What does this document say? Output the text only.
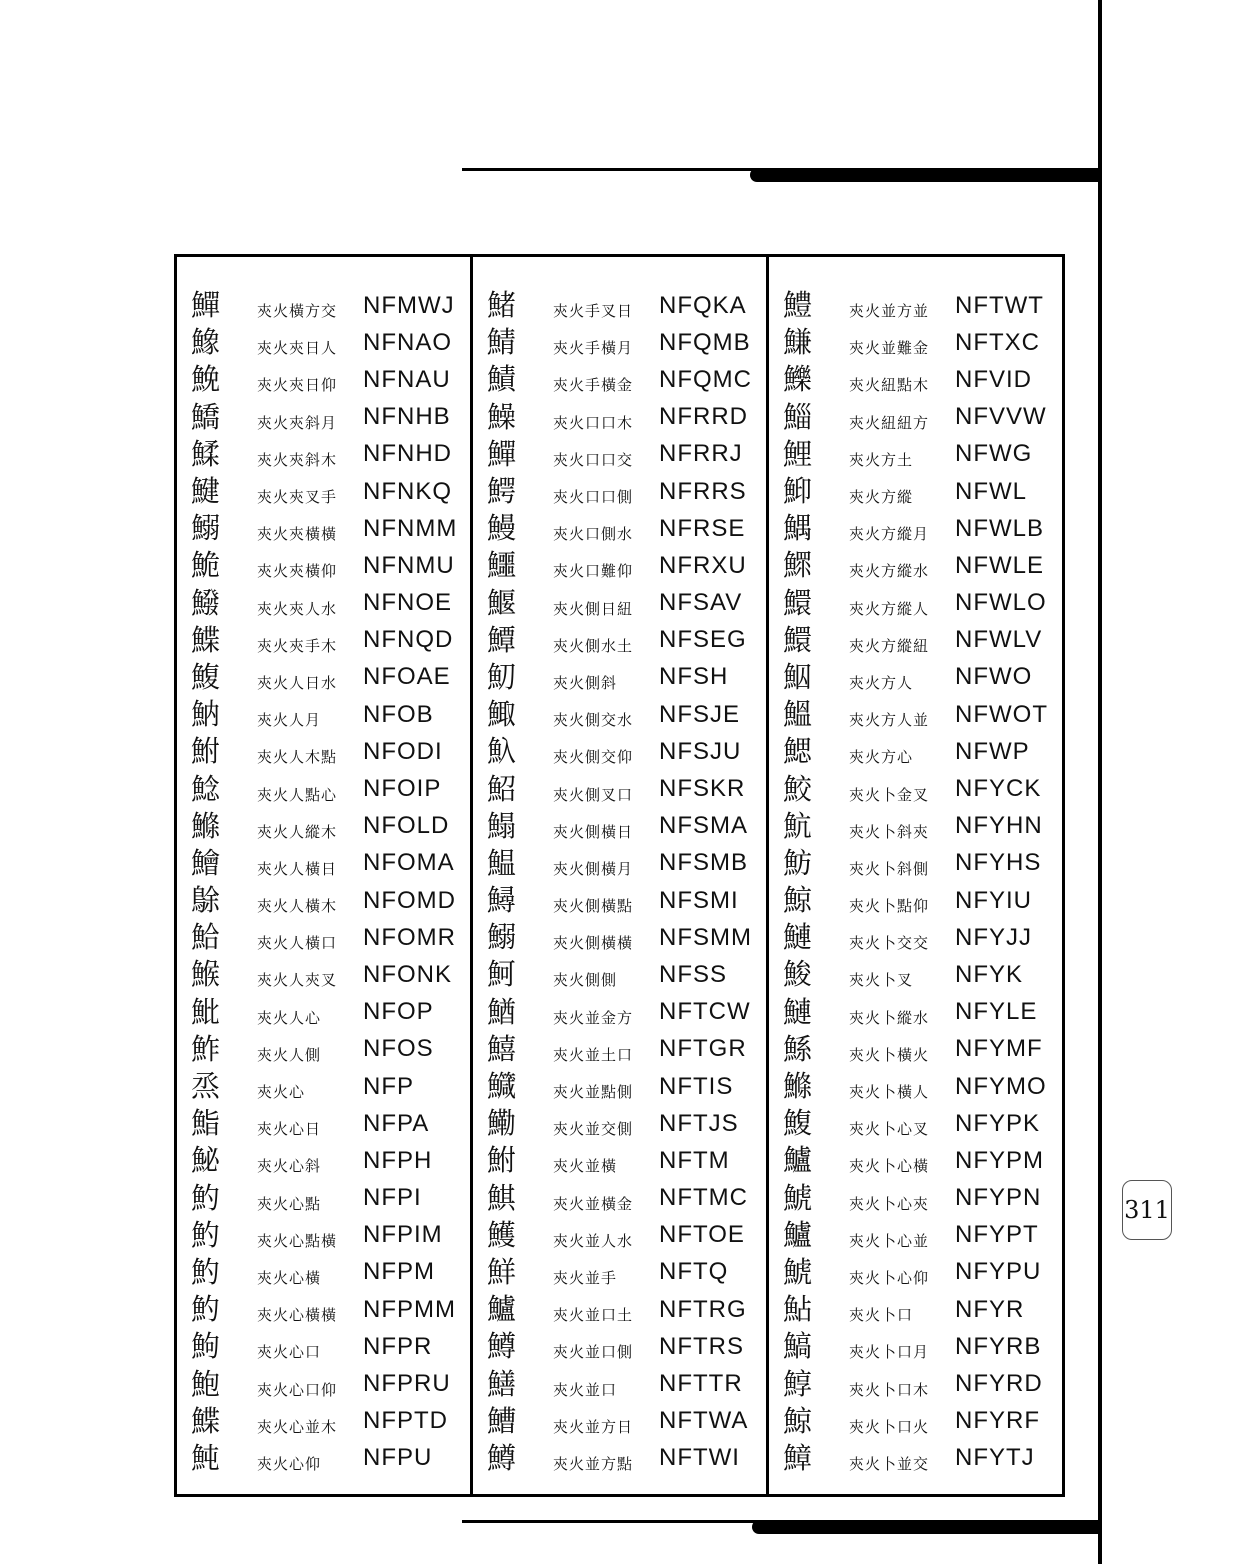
鱓	㚒火橫方交	NFMWJ
鱌	㚒火㚒日人	NFNAO
鮸	㚒火㚒日仰	NFNAU
鱎	㚒火㚒斜月	NFNHB
鰇	㚒火㚒斜木	NFNHD
鰎	㚒火㚒叉手	NFNKQ
鰯	㚒火㚒橫橫	NFNMM
鮠	㚒火㚒橫仰	NFNMU
鱍	㚒火㚒人水	NFNOE
鰈	㚒火㚒手木	NFNQD
鰒	㚒火人日水	NFOAE
魶	㚒火人月	NFOB
鮒	㚒火人木點	NFODI
鯰	㚒火人點心	NFOIP
鰷	㚒火人縱木	NFOLD
鱠	㚒火人橫日	NFOMA
鵌	㚒火人橫木	NFOMD
鮯	㚒火人橫口	NFOMR
鯸	㚒火人㚒叉	NFONK
魮	㚒火人心	NFOP
鮓	㚒火人側	NFOS
烝	㚒火心	NFP
鮨	㚒火心日	NFPA
鮅	㚒火心斜	NFPH
魡	㚒火心點	NFPI
魡	㚒火心點橫	NFPIM
魡	㚒火心橫	NFPM
魡	㚒火心橫橫	NFPMM
鮈	㚒火心口	NFPR
鮑	㚒火心口仰	NFPRU
鰈	㚒火心並木	NFPTD
魨	㚒火心仰	NFPU
鯺	㚒火手叉日	NFQKA
鯖	㚒火手橫月	NFQMB
鰿	㚒火手橫金	NFQMC
鱢	㚒火口口木	NFRRD
鱓	㚒火口口交	NFRRJ
鰐	㚒火口口側	NFRRS
鰻	㚒火口側水	NFRSE
鱷	㚒火口難仰	NFRXU
鰋	㚒火側日紐	NFSAV
鱏	㚒火側水土	NFSEG
魛	㚒火側斜	NFSH
鯫	㚒火側交水	NFSJE
魞	㚒火側交仰	NFSJU
鮉	㚒火側叉口	NFSKR
鰨	㚒火側橫日	NFSMA
鰛	㚒火側橫月	NFSMB
鱘	㚒火側橫點	NFSMI
鰯	㚒火側橫橫	NFSMM
魺	㚒火側側	NFSS
鰌	㚒火並金方	NFTCW
鱚	㚒火並土口	NFTGR
鱵	㚒火並點側	NFTIS
鰳	㚒火並交側	NFTJS
鮒	㚒火並橫	NFTM
鯕	㚒火並橫金	NFTMC
鱯	㚒火並人水	NFTOE
鮮	㚒火並手	NFTQ
鱸	㚒火並口土	NFTRG
鱒	㚒火並口側	NFTRS
鱔	㚒火並口	NFTTR
鰽	㚒火並方日	NFTWA
鱒	㚒火並方點	NFTWI
鱧	㚒火並方並	NFTWT
鰜	㚒火並難金	NFTXC
鱳	㚒火紐點木	NFVID
鯔	㚒火紐紐方	NFVVW
鯉	㚒火方土	NFWG
鮣	㚒火方縱	NFWL
鰅	㚒火方縱月	NFWLB
鰥	㚒火方縱水	NFWLE
鱞	㚒火方縱人	NFWLO
鱞	㚒火方縱紐	NFWLV
鮂	㚒火方人	NFWO
鰮	㚒火方人並	NFWOT
鰓	㚒火方心	NFWP
鮫	㚒火卜金叉	NFYCK
魧	㚒火卜斜㚒	NFYHN
魴	㚒火卜斜側	NFYHS
鯨	㚒火卜點仰	NFYIU
鰱	㚒火卜交交	NFYJJ
鮻	㚒火卜叉	NFYK
鰱	㚒火卜縱水	NFYLE
鯀	㚒火卜橫火	NFYMF
鰷	㚒火卜橫人	NFYMO
鰒	㚒火卜心叉	NFYPK
鱸	㚒火卜心橫	NFYPM
鯱	㚒火卜心㚒	NFYPN
鱸	㚒火卜心並	NFYPT
鯱	㚒火卜心仰	NFYPU
鮎	㚒火卜口	NFYR
鰝	㚒火卜口月	NFYRB
鯙	㚒火卜口木	NFYRD
鯨	㚒火卜口火	NFYRF
鱆	㚒火卜並交	NFYTJ
311
